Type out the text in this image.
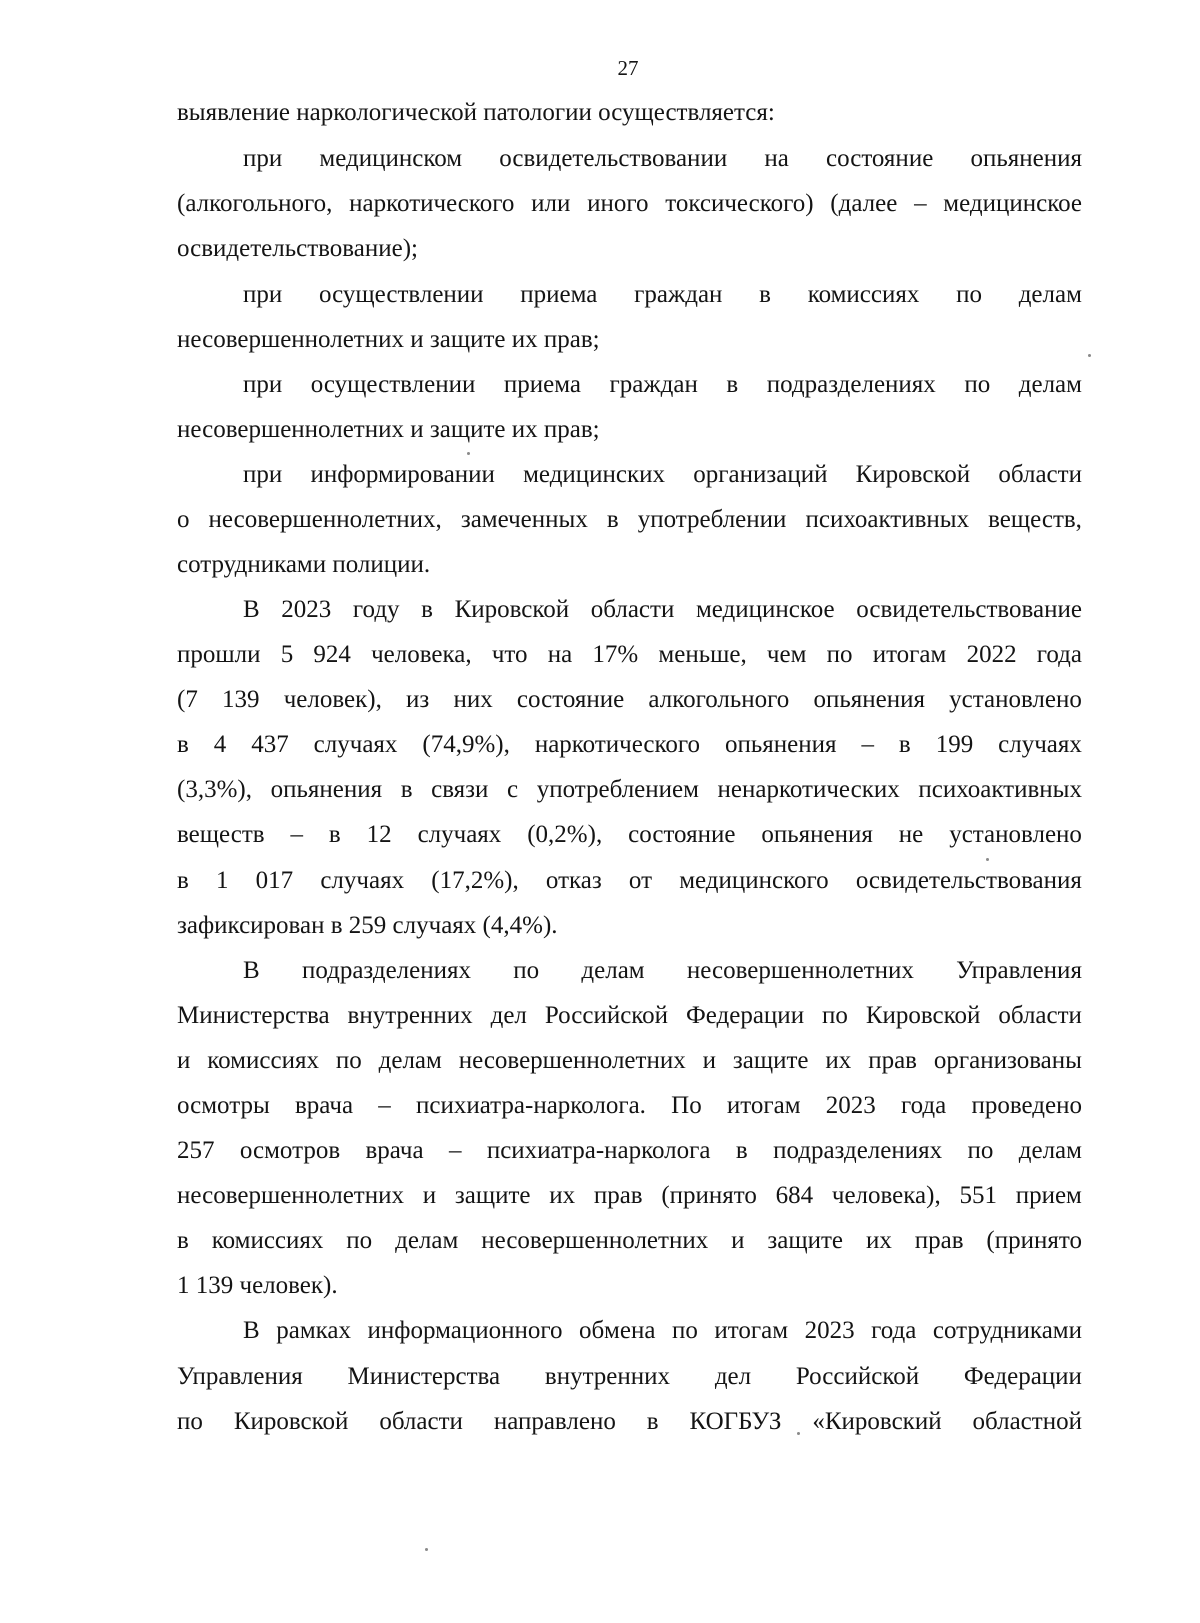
27
выявление наркологической патологии осуществляется:
при медицинском освидетельствовании на состояние опьянения
(алкогольного, наркотического или иного токсического) (далее – медицинское
освидетельствование);
при осуществлении приема граждан в комиссиях по делам
несовершеннолетних и защите их прав;
при осуществлении приема граждан в подразделениях по делам
несовершеннолетних и защите их прав;
при информировании медицинских организаций Кировской области
о несовершеннолетних, замеченных в употреблении психоактивных веществ,
сотрудниками полиции.
В 2023 году в Кировской области медицинское освидетельствование
прошли 5 924 человека, что на 17% меньше, чем по итогам 2022 года
(7 139 человек), из них состояние алкогольного опьянения установлено
в 4 437 случаях (74,9%), наркотического опьянения – в 199 случаях
(3,3%), опьянения в связи с употреблением ненаркотических психоактивных
веществ – в 12 случаях (0,2%), состояние опьянения не установлено
в 1 017 случаях (17,2%), отказ от медицинского освидетельствования
зафиксирован в 259 случаях (4,4%).
В подразделениях по делам несовершеннолетних Управления
Министерства внутренних дел Российской Федерации по Кировской области
и комиссиях по делам несовершеннолетних и защите их прав организованы
осмотры врача – психиатра-нарколога. По итогам 2023 года проведено
257 осмотров врача – психиатра-нарколога в подразделениях по делам
несовершеннолетних и защите их прав (принято 684 человека), 551 прием
в комиссиях по делам несовершеннолетних и защите их прав (принято
1 139 человек).
В рамках информационного обмена по итогам 2023 года сотрудниками
Управления Министерства внутренних дел Российской Федерации
по Кировской области направлено в КОГБУЗ «Кировский областной
